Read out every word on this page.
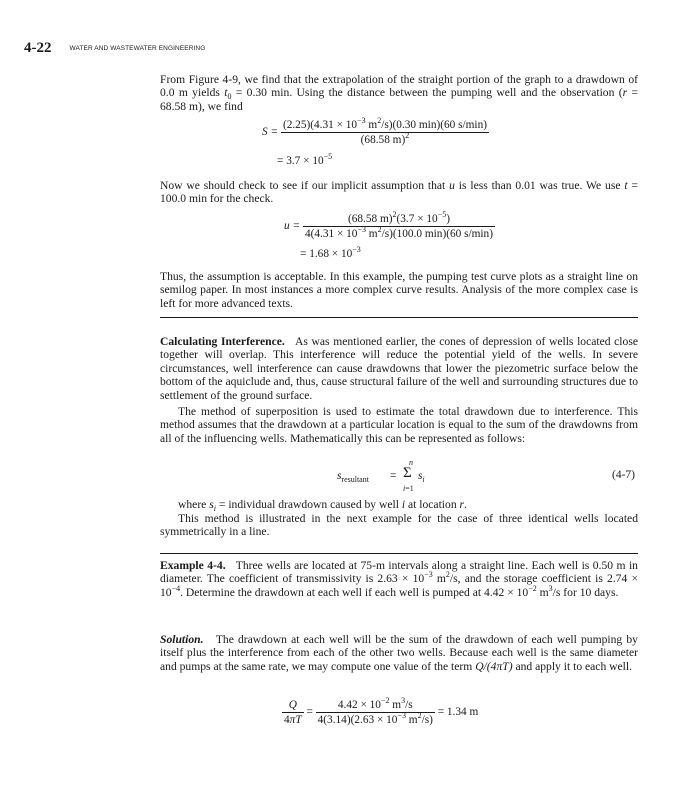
4-22	WATER AND WASTEWATER ENGINEERING

From Figure 4-9, we find that the extrapolation of the straight portion of the graph to a drawdown of 0.0 m yields $t_0 = 0.30$ min. Using the distance between the pumping well and the observation (r = 68.58 m), we find

$S = \frac{(2.25)(4.31 \times 10^{-3} m^2/s)(0.30 \min)(60 s/\min)}{(68.58 m)^2}$
= $3.7 \times 10^{-5}$

Now we should check to see if our implicit assumption that u is less than 0.01 was true. We use t = 100.0 min for the check.

$u = \frac{(68.58 m)^2(3.7 \times 10^{-5})}{4(4.31 \times 10^{-3} m^2/s)(100.0 \min)(60 s/\min)}$
= $1.68 \times 10^{-3}$

Thus, the assumption is acceptable. In this example, the pumping test curve plots as a straight line on semilog paper. In most instances a more complex curve results. Analysis of the more complex case is left for more advanced texts.

Calculating Interference. As was mentioned earlier, the cones of depression of wells located close together will overlap. This interference will reduce the potential yield of the wells. In severe circumstances, well interference can cause drawdowns that lower the piezometric surface below the bottom of the aquiclude and, thus, cause structural failure of the well and surrounding structures due to settlement of the ground surface.

The method of superposition is used to estimate the total drawdown due to interference. This method assumes that the drawdown at a particular location is equal to the sum of the drawdowns from all of the influencing wells. Mathematically this can be represented as follows:

$s_{resultant}$ =
n
Σ
i=1
$s_i$	(4-7)

where $s_i$ = individual drawdown caused by well i at location r.

This method is illustrated in the next example for the case of three identical wells located symmetrically in a line.

Example 4-4. Three wells are located at 75-m intervals along a straight line. Each well is 0.50 m in diameter. The coefficient of transmissivity is $2.63 \times 10^{-3}$ $m^2/s$, and the storage coefficient is $2.74 \times 10^{-4}$. Determine the drawdown at each well if each well is pumped at $4.42 \times 10^{-2}$ $m^3/s$ for 10 days.

Solution. The drawdown at each well will be the sum of the drawdown of each well pumping by itself plus the interference from each of the other two wells. Because each well is the same diameter and pumps at the same rate, we may compute one value of the term Q/(4πT) and apply it to each well.

$\frac{Q}{4\pi T} = \frac{4.42 \times 10^{-2} m^3/s}{4(3.14)(2.63 \times 10^{-3} m^2/s)} = 1.34$ m
